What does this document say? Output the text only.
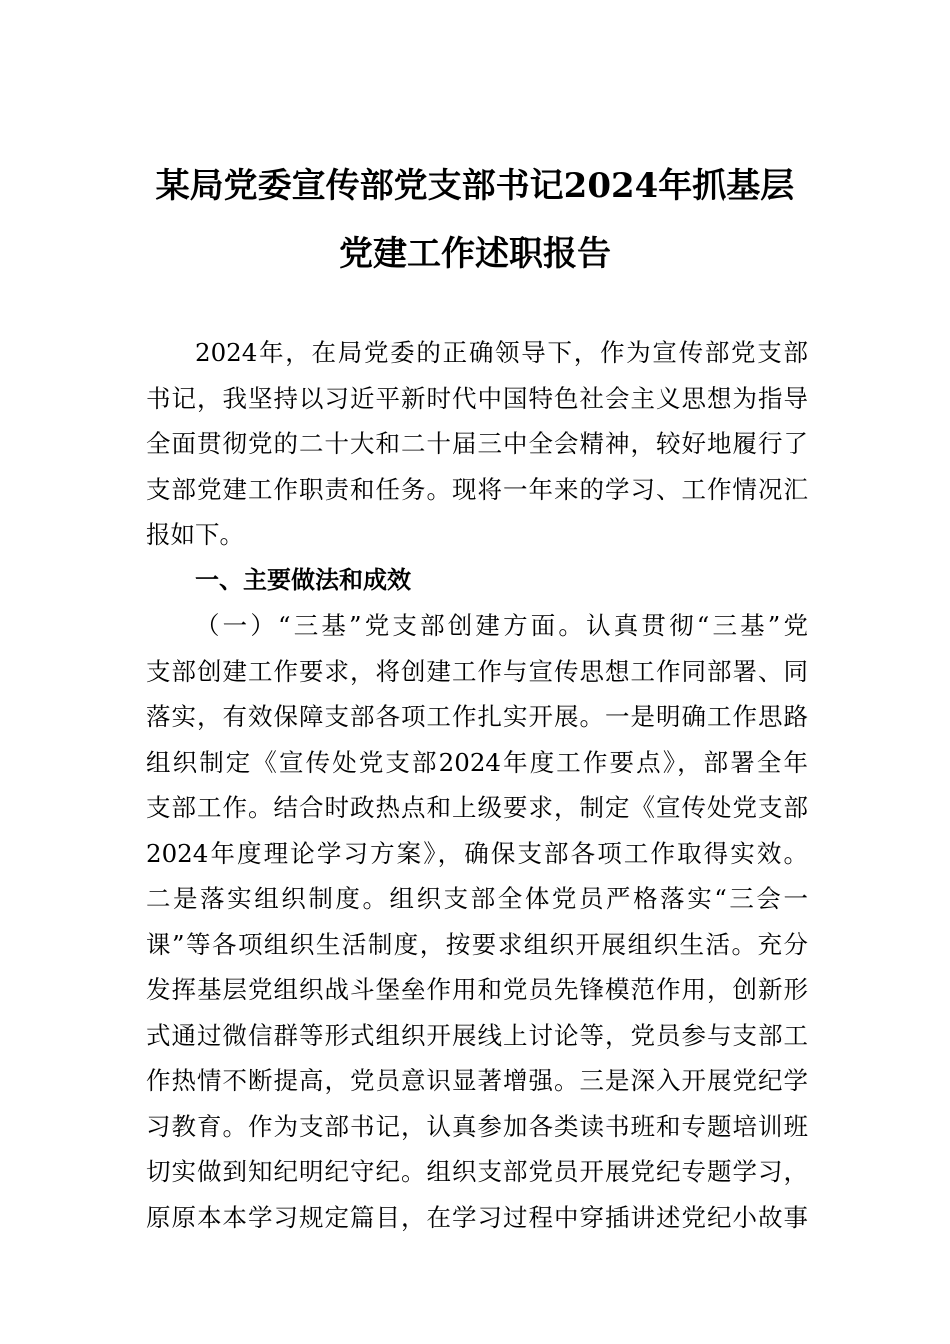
某局党委宣传部党支部书记2024年抓基层
党建工作述职报告
2024年，在局党委的正确领导下，作为宣传部党支部
书记，我坚持以习近平新时代中国特色社会主义思想为指导
全面贯彻党的二十大和二十届三中全会精神，较好地履行了
支部党建工作职责和任务。现将一年来的学习、工作情况汇
报如下。
一、主要做法和成效
（一）“三基”党支部创建方面。认真贯彻“三基”党
支部创建工作要求，将创建工作与宣传思想工作同部署、同
落实，有效保障支部各项工作扎实开展。一是明确工作思路
组织制定《宣传处党支部2024年度工作要点》，部署全年
支部工作。结合时政热点和上级要求，制定《宣传处党支部
2024年度理论学习方案》，确保支部各项工作取得实效。
二是落实组织制度。组织支部全体党员严格落实“三会一
课”等各项组织生活制度，按要求组织开展组织生活。充分
发挥基层党组织战斗堡垒作用和党员先锋模范作用，创新形
式通过微信群等形式组织开展线上讨论等，党员参与支部工
作热情不断提高，党员意识显著增强。三是深入开展党纪学
习教育。作为支部书记，认真参加各类读书班和专题培训班
切实做到知纪明纪守纪。组织支部党员开展党纪专题学习，
原原本本学习规定篇目，在学习过程中穿插讲述党纪小故事
